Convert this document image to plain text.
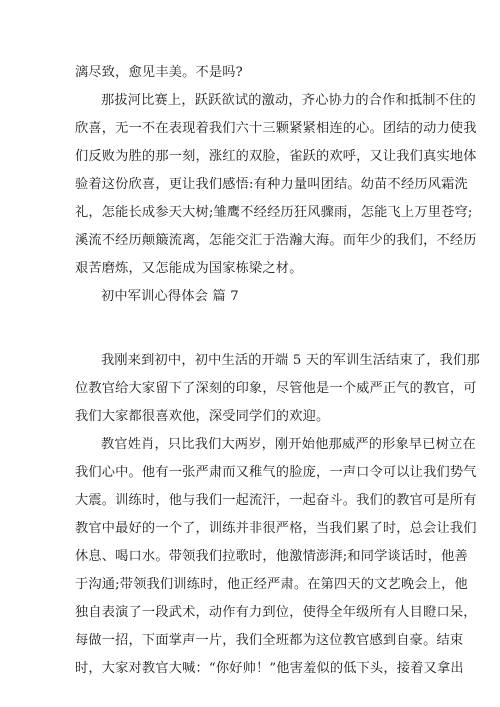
漓尽致，愈见丰美。不是吗?
那拔河比赛上，跃跃欲试的激动，齐心协力的合作和抵制不住的
欣喜，无一不在表现着我们六十三颗紧紧相连的心。团结的动力使我
们反败为胜的那一刻，涨红的双脸，雀跃的欢呼，又让我们真实地体
验着这份欣喜，更让我们感悟:有种力量叫团结。幼苗不经历风霜洗
礼，怎能长成参天大树;雏鹰不经经历狂风骤雨，怎能飞上万里苍穹;
溪流不经历颠簸流离，怎能交汇于浩瀚大海。而年少的我们，不经历
艰苦磨炼，又怎能成为国家栋梁之材。
初中军训心得体会 篇 7
我刚来到初中，初中生活的开端 5 天的军训生活结束了，我们那
位教官给大家留下了深刻的印象，尽管他是一个威严正气的教官，可
我们大家都很喜欢他，深受同学们的欢迎。
教官姓肖，只比我们大两岁，刚开始他那威严的形象早已树立在
我们心中。他有一张严肃而又稚气的脸庞，一声口令可以让我们势气
大震。训练时，他与我们一起流汗，一起奋斗。我们的教官可是所有
教官中最好的一个了，训练并非很严格，当我们累了时，总会让我们
休息、喝口水。带领我们拉歌时，他激情澎湃;和同学谈话时，他善
于沟通;带领我们训练时，他正经严肃。在第四天的文艺晚会上，他
独自表演了一段武术，动作有力到位，使得全年级所有人目瞪口呆，
每做一招，下面掌声一片，我们全班都为这位教官感到自豪。结束
时，大家对教官大喊：“你好帅！”他害羞似的低下头，接着又拿出
